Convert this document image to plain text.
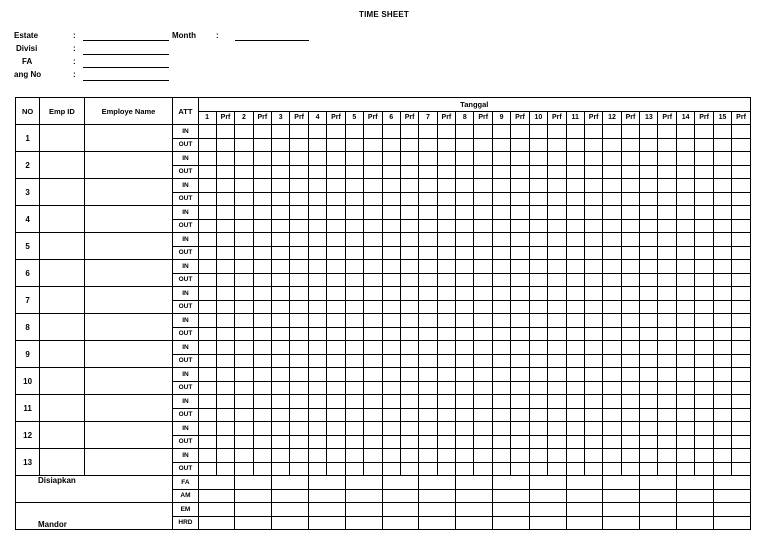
TIME SHEET
Estate	:
Divisi	:
FA	:
ang No	:
Month	:
NO	Emp ID	Employe Name	ATT	Tanggal																													
				1	Prf	2	Prf	3	Prf	4	Prf	5	Prf	6	Prf	7	Prf	8	Prf	9	Prf	10	Prf	11	Prf	12	Prf	13	Prf	14	Prf	15	Prf
1			IN																														
			OUT																														
2			IN																														
			OUT																														
3			IN																														
			OUT																														
4			IN																														
			OUT																														
5			IN																														
			OUT																														
6			IN																														
			OUT																														
7			IN																														
			OUT																														
8			IN																														
			OUT																														
9			IN																														
			OUT																														
10			IN																														
			OUT																														
11			IN																														
			OUT																														
12			IN																														
			OUT																														
13			IN																														
			OUT																														
Disiapkan			FA																														
			AM																														
Mandor			EM																														
			HRD																														
